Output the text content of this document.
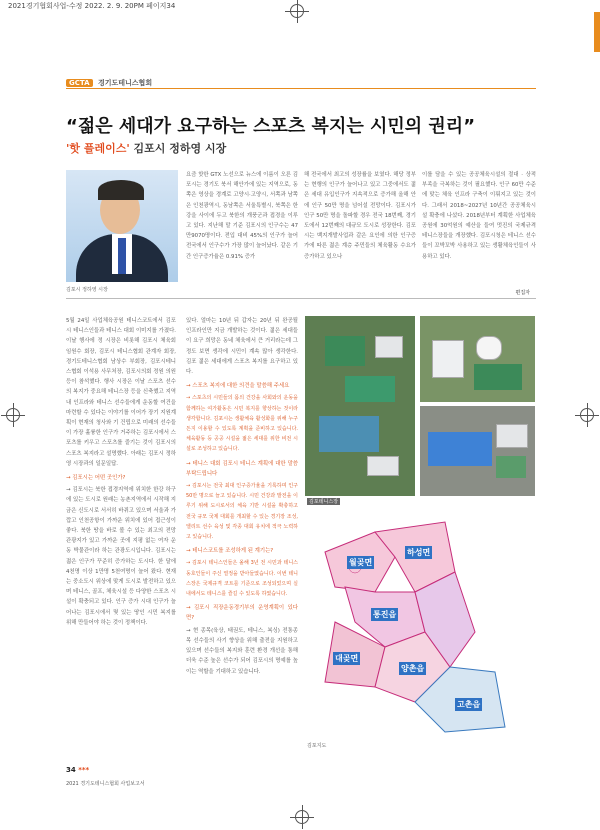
2021경기협회사업-수정 2022. 2. 9. 20PM 페이지34
GCTA 경기도테니스협회
“젊은 세대가 요구하는 스포츠 복지는 시민의 권리”
'핫 플레이스' 김포시 정하영 시장
김포시 정하영 시장
요즘 핫한 GTX 노선으로 뉴스에 이름이 오른 김포시는 경기도 북서 해안가에 있는 지역으로, 동쪽은 영상을 경계로 고양시·고양시, 서쪽과 남쪽은 인천광역시, 동남쪽은 서울특별시, 북쪽은 한강을 사이에 두고 북한의 개풍군과 접경을 이루고 있다. 지난해 말 기준 김포시의 인구수는 47만9070명이다. 전입 대비 45%의 인구가 늘어 전국에서 인구수가 가장 많이 늘어났다. 같은 기간 인구증가율은 0.91% 증가
해 전국에서 최고의 성장률을 보였다. 해당 정부는 현행의 인구가 늘어나고 있고 그중에서도 젊은 세대 유입인구가 지속적으로 증가해 올해 안에 인구 50만 명을 넘어설 전망이다. 김포시가 인구 50만 명을 돌파할 경우 전국 18번째, 경기도에서 12번째의 대규모 도시로 성장한다. 김포시는 백지개발사업과 같은 요인에 의한 인구증가에 따른 젊은 계층 주민들의 체육활동 수요가 증가하고 있으나
이를 담을 수 있는 공공체육시설의 절대 · 상적 부족을 극복하는 것이 필요했다. 인구 60만 수준에 맞는 체육 인프라 구축이 이뤄지고 있는 것이다. 그래서 2018~2027년 10년간 공공체육시설 확충에 나섰다. 2018년부터 계획한 사업체육공원에 30억원의 예산을 들여 멋진의 국제규격 테니스장들을 개장했다. 김포시청은 테니스 선수들이 꼬박꼬박 사용하고 있는 생활체육인들이 사용하고 있다.
편집자
5월 24일 사업체육공원 테니스코트에서 김포시 테니스인들과 테니스 대회 이미지를 가졌다. 이날 행사에 정 시장은 비롯해 김포시 체육회 임원수 회장, 김포시 테니스협회 관계자 회장, 경기도테니스협회 남상수 부회장, 김포시테니스협회 이석용 사무처장, 김포시의회 정원 의원 등이 참석했다. 행사 시장은 이날 스포츠 선수의 복지가 중요해 테니스장 등을 신축했고 지역 내 인프라와 테니스 선수들에게 운동할 여건을 마련할 수 있다는 이야기를 이어가 장기 지원계획이 현재의 청사와 기 건립으로 미래의 선수들이 가장 훌륭한 인구가 거주하는 김포시에서 스포츠를 키우고 스포츠를 즐기는 것이 김포시의 스포츠 복지라고 설명했다. 아래는 김포시 정하영 시장과의 일문일답.
→ 김포시는 어떤 곳인가?
→ 김포시는 북한 접경지역에 위치한 한강 하구에 있는 도시로 원래는 농촌지역에서 시작해 지금은 신도시로 서서히 바뀌고 있으며 서울과 가깝고 인천공항이 가까운 위치에 있어 접근성이 좋다. 북한 땅을 바로 볼 수 있는 최고의 전망 관광지가 있고 가까운 곳에 지평 없는 여자 운동 박물관이라 하는 관광도시입니다. 김포시는 젊은 인구가 꾸준히 증가하는 도시다. 한 달에 4천명 이상 1만명 5천여명이 늘어 왔다. 현재는 중소도시 위상에 맞게 도시로 발전하고 있으며 테니스, 골프, 체육시설 등 다양한 스포츠 시설이 확충되고 있다. 인구 증가 시대 인구가 늘어나는 김포시에서 몇 있는 땅인 시민 복지를 위해 만들어야 하는 것이 정책이다.
있다. 얼마는 10년 뒤 갑자는 20년 뒤 완공될 인프라인만 지금 개발하는 것이다. 젊은 세대들이 요구 희망은 동네 체육에서 큰 거리라는데 그정도 보면 생각에 시민이 계속 많아 생각한다. 김포 젊은 세대에게 스포츠 복지를 요구하고 있다.
→ 스포츠 복지에 대한 의견을 말씀해 주세요
→ 스포츠의 시민들의 몸의 건강을 사회와의 운동을 함께하는 여가활동은 시민 복지를 향상하는 것이라 생각합니다. 김포시는 생활체육 활성화를 위해 누구든지 이용할 수 있도록 계획을 준비하고 있습니다. 체육활동 등 공공 시설을 젊은 세대를 위한 비전 시설로 조성하고 있습니다.
→ 테니스 대회 김포시 테니스 계획에 대한 말씀 부탁드립니다
→ 김포시는 전국 최대 인구증가율을 기록하며 인구 50만 명으로 늘고 있습니다. 시민 건강과 발전을 이루기 위해 도시로서의 체육 기반 시설을 확충하고 전국 규모 국제 대회를 개최할 수 있는 경기장 조성, 엘리트 선수 육성 및 각종 대회 유치에 적극 노력하고 있습니다.
→ 테니스코트를 조성하게 된 계기는?
→ 김포시 테니스인들은 올해 3년 전 시민과 테니스 동호인들이 주신 열정을 받아들였습니다. 이번 테니스장은 국제규격 코트를 기준으로 조성되었으며 실내에서도 테니스를 즐길 수 있도록 하였습니다.
→ 김포시 직장운동경기부의 운영계획이 있다면?
→ 현 종목(육상, 태권도, 테니스, 복싱) 전통종목 선수들의 사기 향상을 위해 출전을 지원하고 있으며 선수들의 복지와 훈련 환경 개선을 통해 더욱 수준 높은 선수가 되어 김포시의 명예를 높이는 역할을 기대하고 있습니다.
김포테니스장
월곶면
하성면
통진읍
대곶면
양촌읍
고촌읍
김포지도
34 ***
2021 경기도테니스협회 사업보고서
